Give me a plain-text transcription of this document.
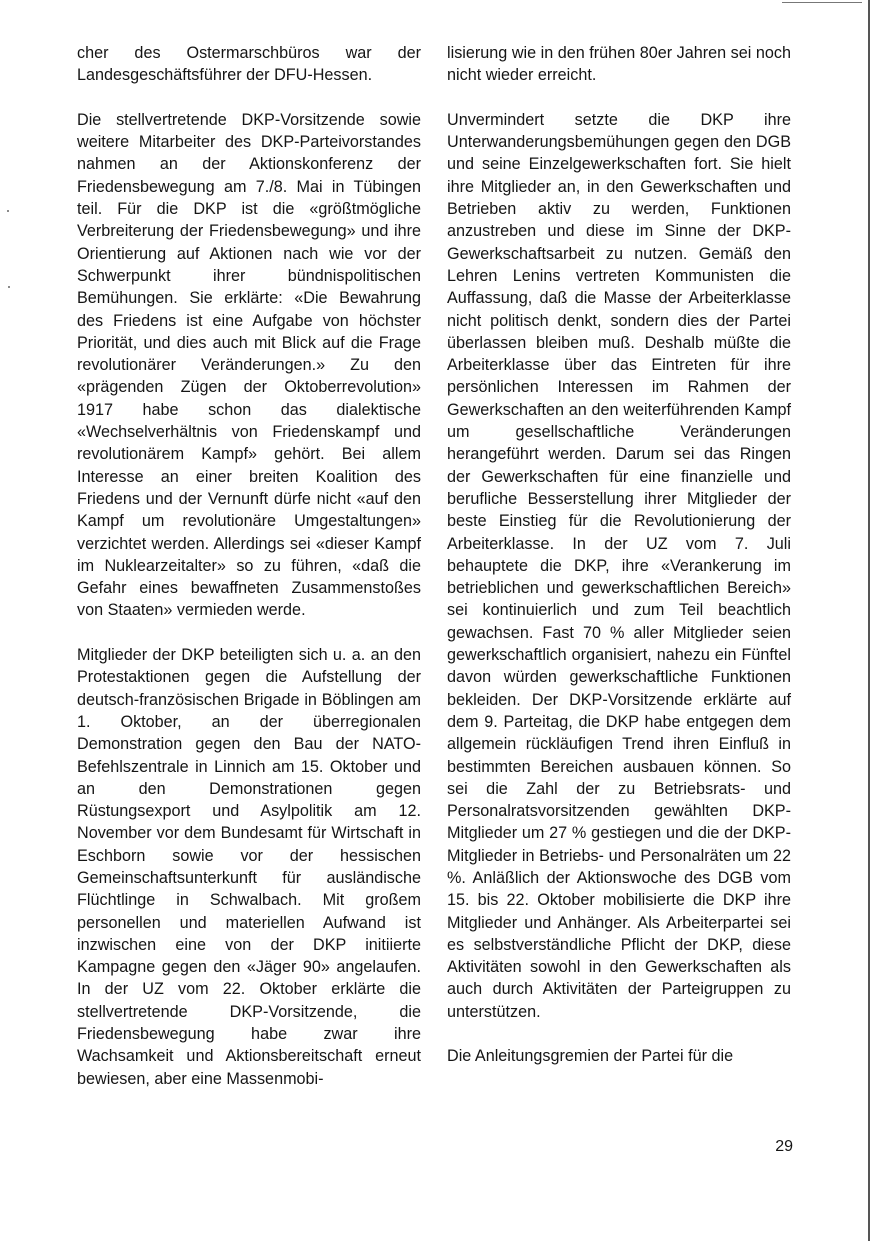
cher des Ostermarschbüros war der Landesgeschäftsführer der DFU-Hessen.

Die stellvertretende DKP-Vorsitzende sowie weitere Mitarbeiter des DKP-Parteivorstandes nahmen an der Aktionskonferenz der Friedensbewegung am 7./8. Mai in Tübingen teil. Für die DKP ist die «größtmögliche Verbreiterung der Friedensbewegung» und ihre Orientierung auf Aktionen nach wie vor der Schwerpunkt ihrer bündnispolitischen Bemühungen. Sie erklärte: «Die Bewahrung des Friedens ist eine Aufgabe von höchster Priorität, und dies auch mit Blick auf die Frage revolutionärer Veränderungen.» Zu den «prägenden Zügen der Oktoberrevolution» 1917 habe schon das dialektische «Wechselverhältnis von Friedenskampf und revolutionärem Kampf» gehört. Bei allem Interesse an einer breiten Koalition des Friedens und der Vernunft dürfe nicht «auf den Kampf um revolutionäre Umgestaltungen» verzichtet werden. Allerdings sei «dieser Kampf im Nuklearzeitalter» so zu führen, «daß die Gefahr eines bewaffneten Zusammenstoßes von Staaten» vermieden werde.

Mitglieder der DKP beteiligten sich u. a. an den Protestaktionen gegen die Aufstellung der deutsch-französischen Brigade in Böblingen am 1. Oktober, an der überregionalen Demonstration gegen den Bau der NATO-Befehlszentrale in Linnich am 15. Oktober und an den Demonstrationen gegen Rüstungsexport und Asylpolitik am 12. November vor dem Bundesamt für Wirtschaft in Eschborn sowie vor der hessischen Gemeinschaftsunterkunft für ausländische Flüchtlinge in Schwalbach. Mit großem personellen und materiellen Aufwand ist inzwischen eine von der DKP initiierte Kampagne gegen den «Jäger 90» angelaufen. In der UZ vom 22. Oktober erklärte die stellvertretende DKP-Vorsitzende, die Friedensbewegung habe zwar ihre Wachsamkeit und Aktionsbereitschaft erneut bewiesen, aber eine Massenmobi-

lisierung wie in den frühen 80er Jahren sei noch nicht wieder erreicht.

Unvermindert setzte die DKP ihre Unterwanderungsbemühungen gegen den DGB und seine Einzelgewerkschaften fort. Sie hielt ihre Mitglieder an, in den Gewerkschaften und Betrieben aktiv zu werden, Funktionen anzustreben und diese im Sinne der DKP-Gewerkschaftsarbeit zu nutzen. Gemäß den Lehren Lenins vertreten Kommunisten die Auffassung, daß die Masse der Arbeiterklasse nicht politisch denkt, sondern dies der Partei überlassen bleiben muß. Deshalb müßte die Arbeiterklasse über das Eintreten für ihre persönlichen Interessen im Rahmen der Gewerkschaften an den weiterführenden Kampf um gesellschaftliche Veränderungen herangeführt werden. Darum sei das Ringen der Gewerkschaften für eine finanzielle und berufliche Besserstellung ihrer Mitglieder der beste Einstieg für die Revolutionierung der Arbeiterklasse. In der UZ vom 7. Juli behauptete die DKP, ihre «Verankerung im betrieblichen und gewerkschaftlichen Bereich» sei kontinuierlich und zum Teil beachtlich gewachsen. Fast 70 % aller Mitglieder seien gewerkschaftlich organisiert, nahezu ein Fünftel davon würden gewerkschaftliche Funktionen bekleiden. Der DKP-Vorsitzende erklärte auf dem 9. Parteitag, die DKP habe entgegen dem allgemein rückläufigen Trend ihren Einfluß in bestimmten Bereichen ausbauen können. So sei die Zahl der zu Betriebsrats- und Personalratsvorsitzenden gewählten DKP-Mitglieder um 27 % gestiegen und die der DKP-Mitglieder in Betriebs- und Personalräten um 22 %. Anläßlich der Aktionswoche des DGB vom 15. bis 22. Oktober mobilisierte die DKP ihre Mitglieder und Anhänger. Als Arbeiterpartei sei es selbstverständliche Pflicht der DKP, diese Aktivitäten sowohl in den Gewerkschaften als auch durch Aktivitäten der Parteigruppen zu unterstützen.

Die Anleitungsgremien der Partei für die

29
